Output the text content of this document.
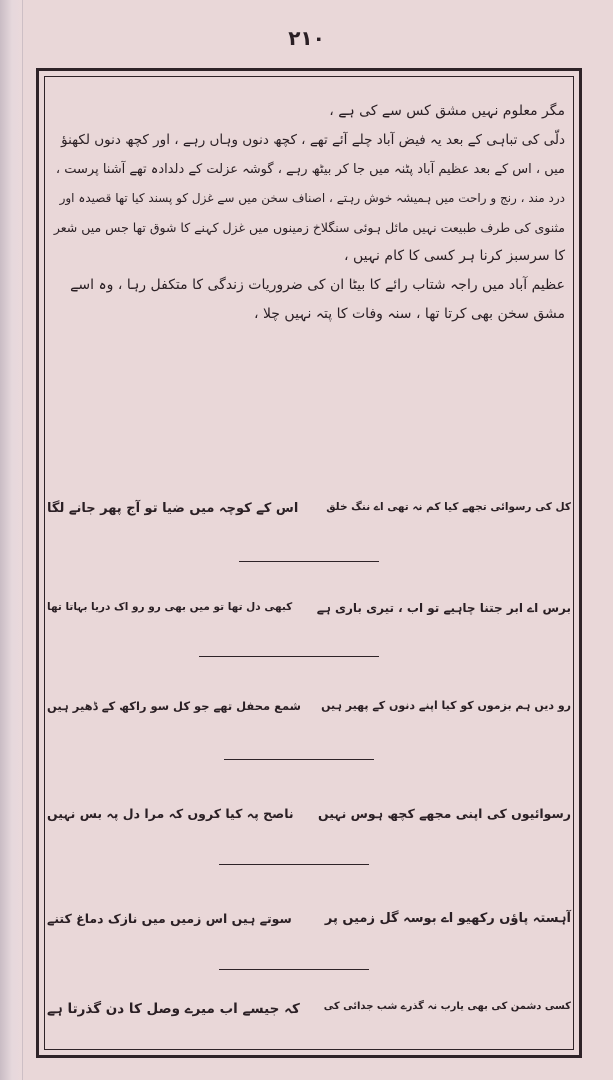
۲۱۰
مگر معلوم نہیں مشق کس سے کی ہے ،
دلّی کی تباہی کے بعد یہ فیض آباد چلے آئے تھے ، کچھ دنوں وہاں رہے ، اور کچھ دنوں لکھنؤ
میں ، اس کے بعد عظیم آباد پٹنہ میں جا کر بیٹھ رہے ، گوشہ عزلت کے دلدادہ تھے آشنا پرست ،
درد مند ، رنج و راحت میں ہمیشہ خوش رہتے ، اصناف سخن میں سے غزل کو پسند کیا تھا قصیدہ اور
مثنوی کی طرف طبیعت نہیں مائل ہوئی سنگلاخ زمینوں میں غزل کہنے کا شوق تھا جس میں شعر
کا سرسبز کرنا ہر کسی کا کام نہیں ،
عظیم آباد میں راجہ شتاب رائے کا بیٹا ان کی ضروریات زندگی کا متکفل رہا ، وہ اسے
مشق سخن بھی کرتا تھا ، سنہ وفات کا پتہ نہیں چلا ،
کل کی رسوائی تجھے کیا کم نہ تھی اے ننگ خلق
اس کے کوچہ میں ضیا تو آج پھر جانے لگا
برس اے ابر جتنا چاہیے تو اب ، تیری باری ہے
کبھی دل تھا تو میں بھی رو رو اک دریا بہاتا تھا
رو دیں ہم بزموں کو کیا اپنے دنوں کے پھیر ہیں
شمع محفل تھے جو کل سو راکھ کے ڈھیر ہیں
رسوائیوں کی اپنی مجھے کچھ ہوس نہیں
ناصح پہ کیا کروں کہ مرا دل پہ بس نہیں
آہستہ پاؤں رکھیو اے بوسہ گل زمیں پر
سوتے ہیں اس زمیں میں نازک دماغ کتنے
کسی دشمن کی بھی یارب نہ گذرے شب جدائی کی
کہ جیسے اب میرے وصل کا دن گذرتا ہے
